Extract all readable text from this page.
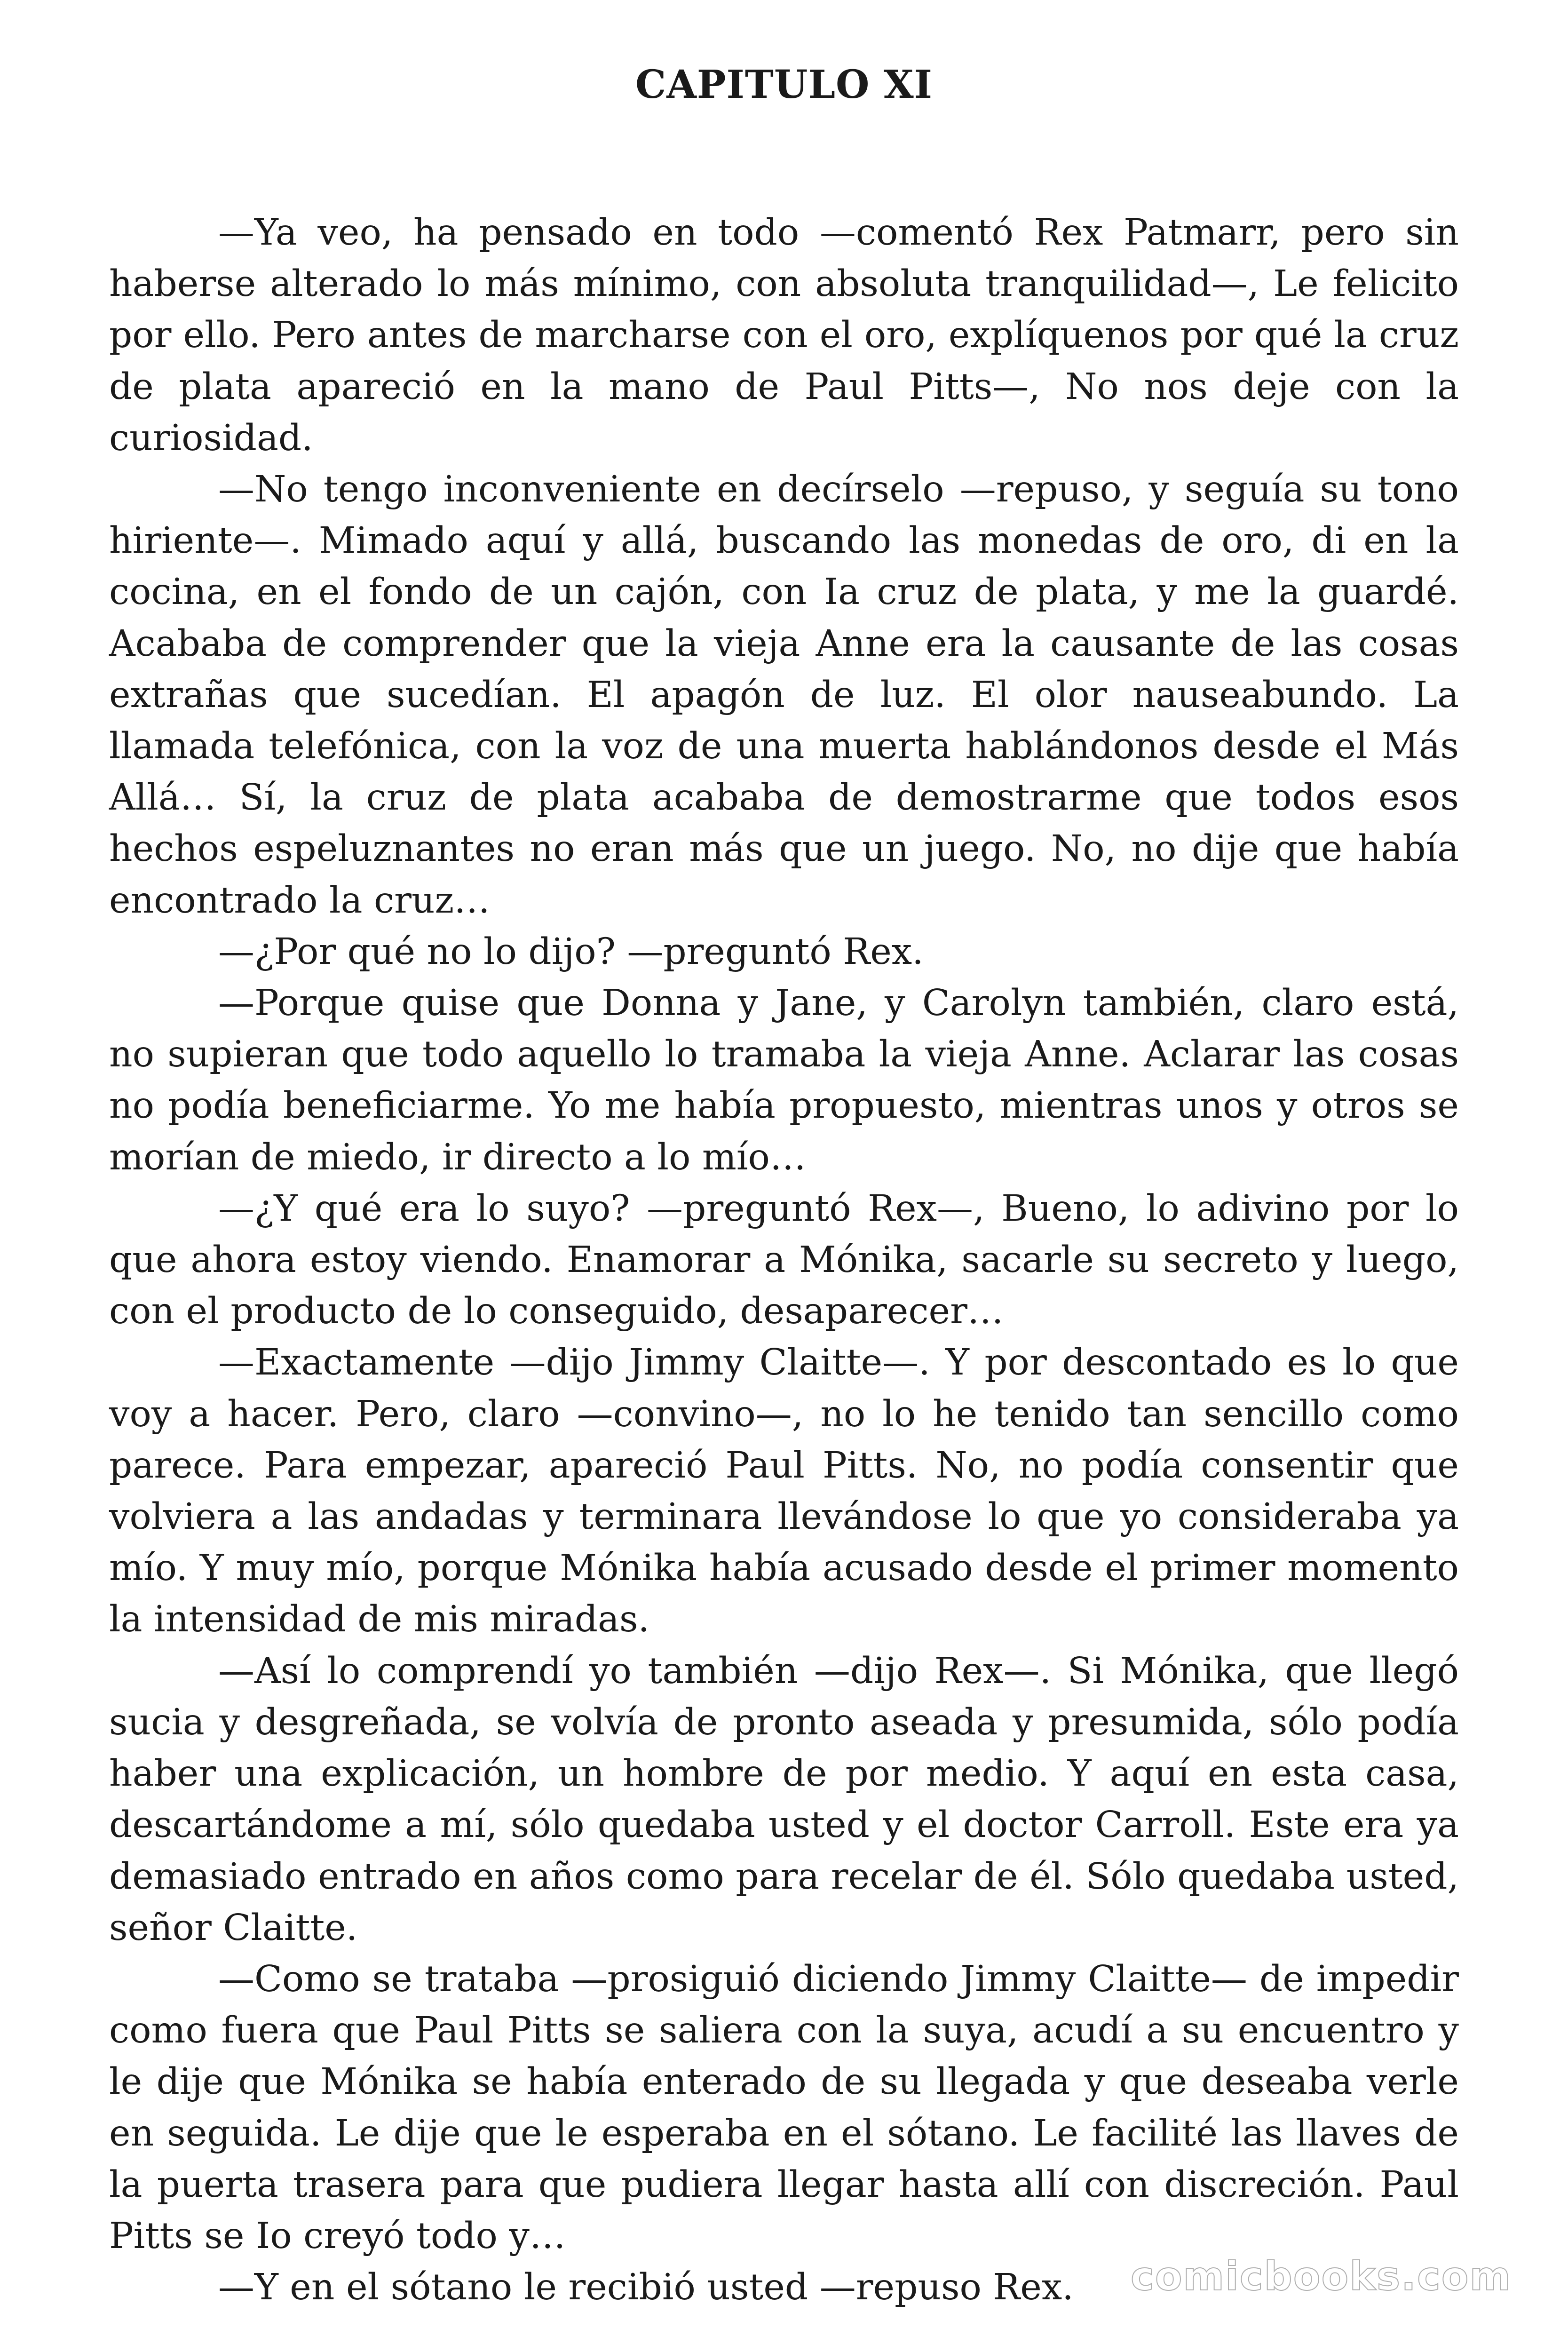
CAPITULO XI

—Ya veo, ha pensado en todo —comentó Rex Patmarr, pero sin haberse alterado lo más mínimo, con absoluta tranquilidad—, Le felicito por ello. Pero antes de marcharse con el oro, explíquenos por qué la cruz de plata apareció en la mano de Paul Pitts—, No nos deje con la curiosidad.

—No tengo inconveniente en decírselo —repuso, y seguía su tono hiriente—. Mimado aquí y allá, buscando las monedas de oro, di en la cocina, en el fondo de un cajón, con Ia cruz de plata, y me la guardé. Acababa de comprender que la vieja Anne era la causante de las cosas extrañas que sucedían. El apagón de luz. El olor nauseabundo. La llamada telefónica, con la voz de una muerta hablándonos desde el Más Allá… Sí, la cruz de plata acababa de demostrarme que todos esos hechos espeluznantes no eran más que un juego. No, no dije que había encontrado la cruz…

—¿Por qué no lo dijo? —preguntó Rex.

—Porque quise que Donna y Jane, y Carolyn también, claro está, no supieran que todo aquello lo tramaba la vieja Anne. Aclarar las cosas no podía beneficiarme. Yo me había propuesto, mientras unos y otros se morían de miedo, ir directo a lo mío…

—¿Y qué era lo suyo? —preguntó Rex—, Bueno, lo adivino por lo que ahora estoy viendo. Enamorar a Mónika, sacarle su secreto y luego, con el producto de lo conseguido, desaparecer…

—Exactamente —dijo Jimmy Claitte—. Y por descontado es lo que voy a hacer. Pero, claro —convino—, no lo he tenido tan sencillo como parece. Para empezar, apareció Paul Pitts. No, no podía consentir que volviera a las andadas y terminara llevándose lo que yo consideraba ya mío. Y muy mío, porque Mónika había acusado desde el primer momento la intensidad de mis miradas.

—Así lo comprendí yo también —dijo Rex—. Si Mónika, que llegó sucia y desgreñada, se volvía de pronto aseada y presumida, sólo podía haber una explicación, un hombre de por medio. Y aquí en esta casa, descartándome a mí, sólo quedaba usted y el doctor Carroll. Este era ya demasiado entrado en años como para recelar de él. Sólo quedaba usted, señor Claitte.

—Como se trataba —prosiguió diciendo Jimmy Claitte— de impedir como fuera que Paul Pitts se saliera con la suya, acudí a su encuentro y le dije que Mónika se había enterado de su llegada y que deseaba verle en seguida. Le dije que le esperaba en el sótano. Le facilité las llaves de la puerta trasera para que pudiera llegar hasta allí con discreción. Paul Pitts se Io creyó todo y…

—Y en el sótano le recibió usted —repuso Rex.	comicbooks.com
